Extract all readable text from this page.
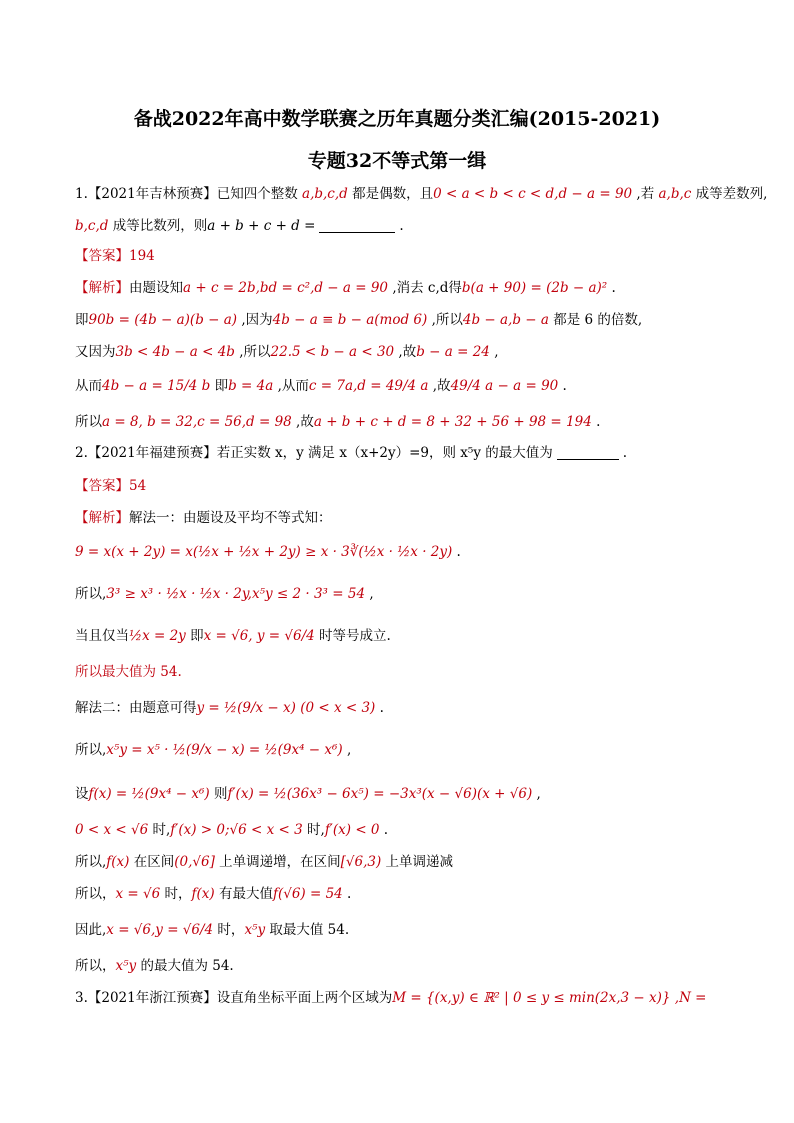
备战2022年高中数学联赛之历年真题分类汇编(2015-2021)
专题32不等式第一缉
1.【2021年吉林预赛】已知四个整数 a,b,c,d 都是偶数，且0 < a < b < c < d,d − a = 90 ,若 a,b,c 成等差数列,
b,c,d 成等比数列，则a + b + c + d =	.
【答案】194
【解析】由题设知a + c = 2b,bd = c²,d − a = 90 ,消去 c,d得b(a + 90) = (2b − a)² .
即90b = (4b − a)(b − a) ,因为4b − a ≡ b − a(mod 6) ,所以4b − a,b − a 都是 6 的倍数,
又因为3b < 4b − a < 4b ,所以22.5 < b − a < 30 ,故b − a = 24 ,
从而4b − a = 15/4 b 即b = 4a ,从而c = 7a,d = 49/4 a ,故49/4 a − a = 90 .
所以a = 8, b = 32,c = 56,d = 98 ,故a + b + c + d = 8 + 32 + 56 + 98 = 194 .
2.【2021年福建预赛】若正实数 x，y 满足 x（x+2y）=9，则 x⁵y 的最大值为	.
【答案】54
【解析】解法一：由题设及平均不等式知：
9 = x(x + 2y) = x(½x + ½x + 2y) ≥ x · 3∛(½x · ½x · 2y) .
所以,3³ ≥ x³ · ½x · ½x · 2y,x⁵y ≤ 2 · 3³ = 54 ,
当且仅当½x = 2y 即x = √6, y = √6/4 时等号成立.
所以最大值为 54.
解法二：由题意可得y = ½(9/x − x) (0 < x < 3) .
所以,x⁵y = x⁵ · ½(9/x − x) = ½(9x⁴ − x⁶) ,
设f(x) = ½(9x⁴ − x⁶) 则f′(x) = ½(36x³ − 6x⁵) = −3x³(x − √6)(x + √6) ,
0 < x < √6 时,f′(x) > 0;√6 < x < 3 时,f′(x) < 0 .
所以,f(x) 在区间(0,√6] 上单调递增，在区间[√6,3) 上单调递减
所以，x = √6 时，f(x) 有最大值f(√6) = 54 .
因此,x = √6,y = √6/4 时，x⁵y 取最大值 54.
所以，x⁵y 的最大值为 54.
3.【2021年浙江预赛】设直角坐标平面上两个区域为M = {(x,y) ∈ ℝ² | 0 ≤ y ≤ min(2x,3 − x)} ,N =
